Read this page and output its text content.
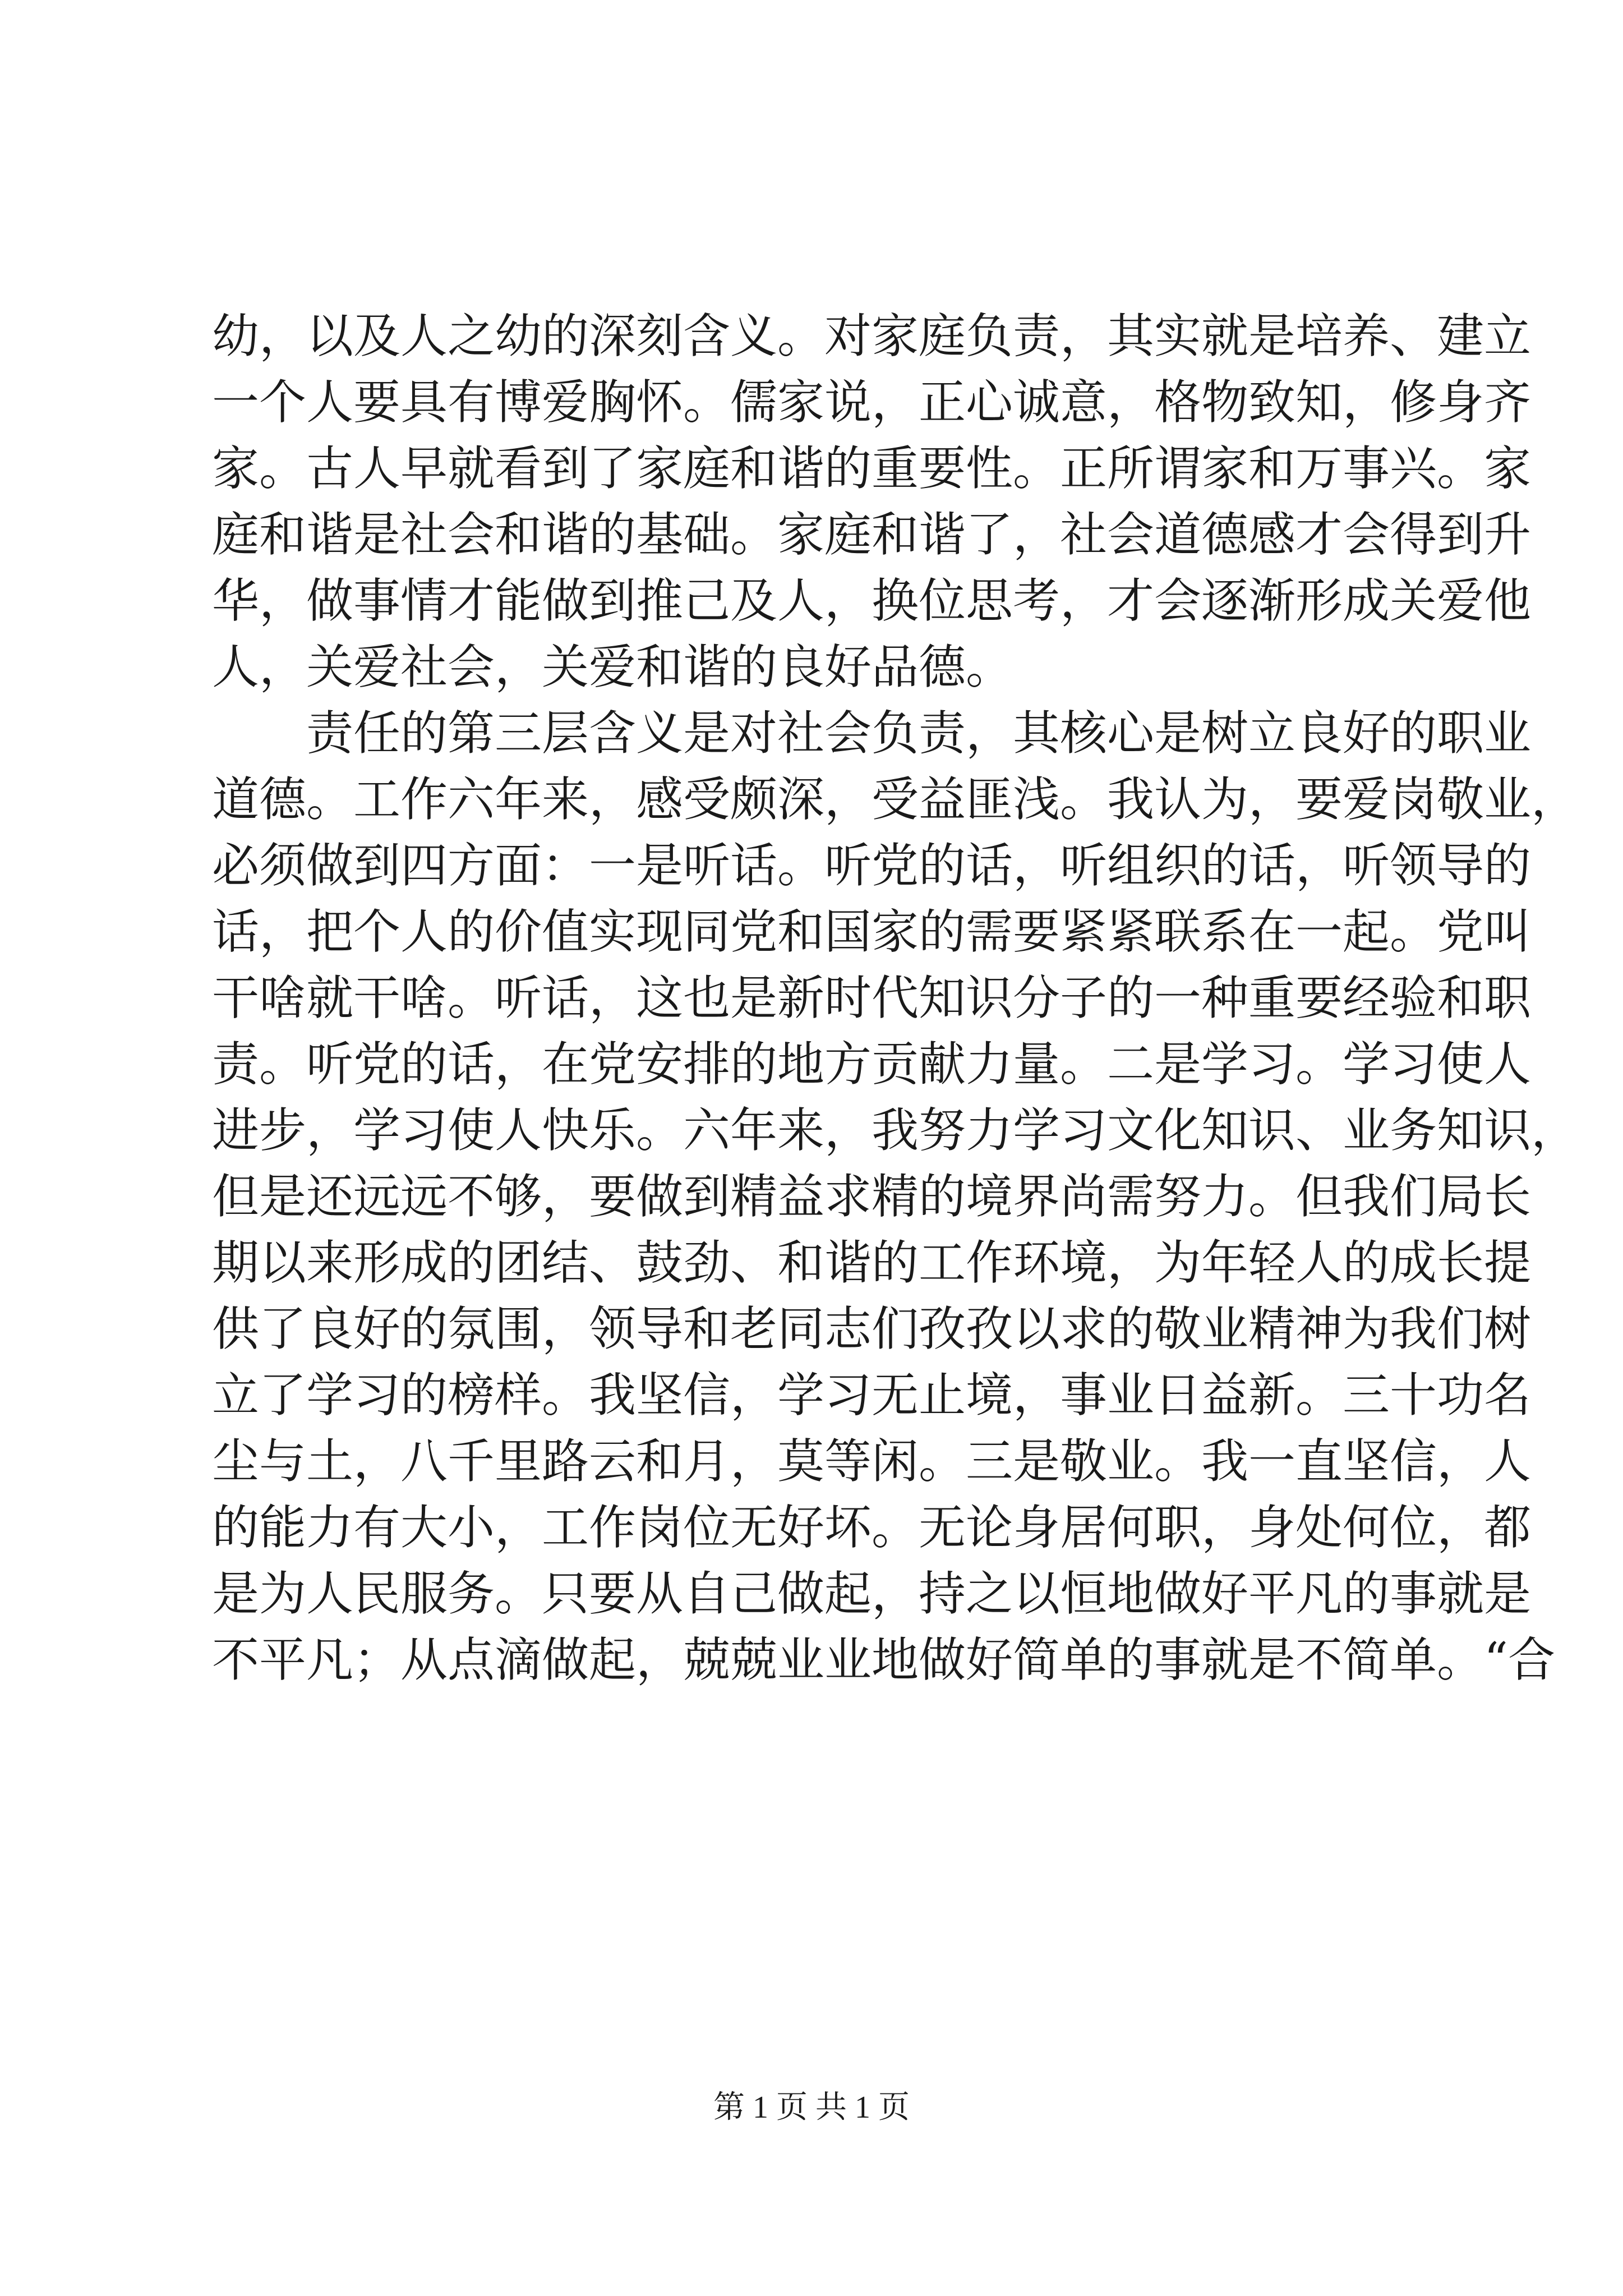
幼，以及人之幼的深刻含义。对家庭负责，其实就是培养、建立
一个人要具有博爱胸怀。儒家说，正心诚意，格物致知，修身齐
家。古人早就看到了家庭和谐的重要性。正所谓家和万事兴。家
庭和谐是社会和谐的基础。家庭和谐了，社会道德感才会得到升
华，做事情才能做到推己及人，换位思考，才会逐渐形成关爱他
人，关爱社会，关爱和谐的良好品德。
责任的第三层含义是对社会负责，其核心是树立良好的职业
道德。工作六年来，感受颇深，受益匪浅。我认为，要爱岗敬业，
必须做到四方面：一是听话。听党的话，听组织的话，听领导的
话，把个人的价值实现同党和国家的需要紧紧联系在一起。党叫
干啥就干啥。听话，这也是新时代知识分子的一种重要经验和职
责。听党的话，在党安排的地方贡献力量。二是学习。学习使人
进步，学习使人快乐。六年来，我努力学习文化知识、业务知识，
但是还远远不够，要做到精益求精的境界尚需努力。但我们局长
期以来形成的团结、鼓劲、和谐的工作环境，为年轻人的成长提
供了良好的氛围，领导和老同志们孜孜以求的敬业精神为我们树
立了学习的榜样。我坚信，学习无止境，事业日益新。三十功名
尘与土，八千里路云和月，莫等闲。三是敬业。我一直坚信，人
的能力有大小，工作岗位无好坏。无论身居何职，身处何位，都
是为人民服务。只要从自己做起，持之以恒地做好平凡的事就是
不平凡；从点滴做起，兢兢业业地做好简单的事就是不简单。“合
第 1 页 共 1 页
